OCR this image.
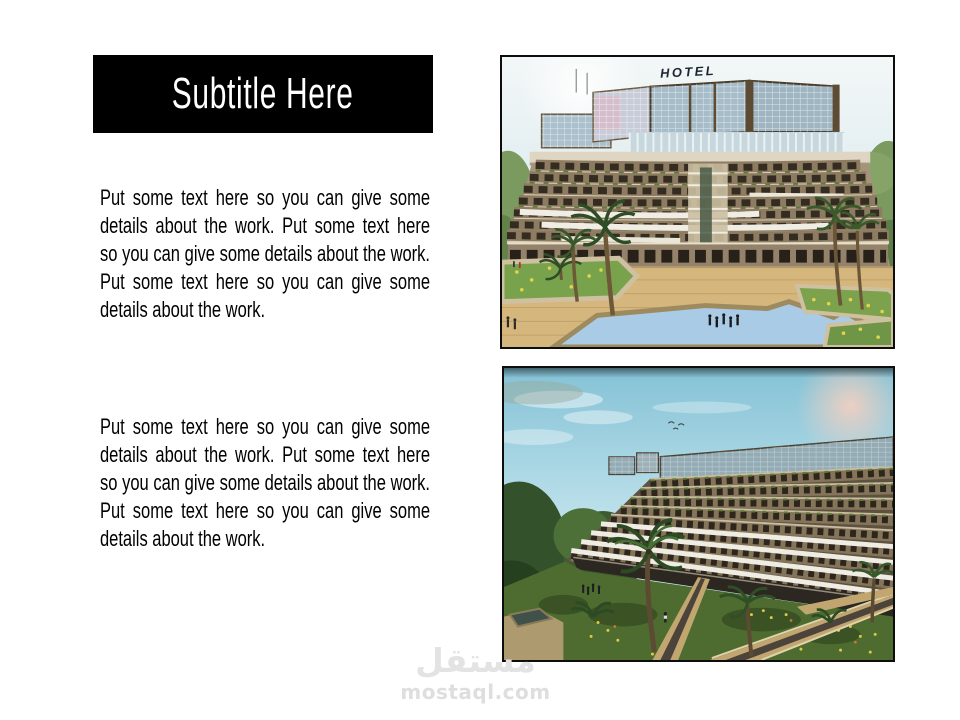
Subtitle Here

Put some text here so you can give some details about the work. Put some text here so you can give some details about the work. Put some text here so you can give some details about the work.

Put some text here so you can give some details about the work. Put some text here so you can give some details about the work. Put some text here so you can give some details about the work.

HOTEL
مستقل
mostaql.com
